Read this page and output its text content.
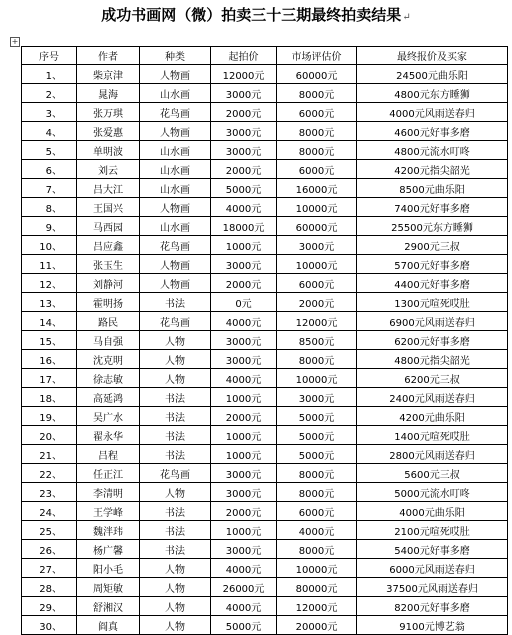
成功书画网（微）拍卖三十三期最终拍卖结果↵
+
序号	作者	种类	起拍价	市场评估价	最终报价及买家
1、	柴京津	人物画	12000元	60000元	24500元曲乐阳
2、	晁海	山水画	3000元	8000元	4800元东方睡狮
3、	张万琪	花鸟画	2000元	6000元	4000元风雨送春归
4、	张爱惠	人物画	3000元	8000元	4600元好事多磨
5、	单明波	山水画	3000元	8000元	4800元流水叮咚
6、	刘云	山水画	2000元	6000元	4200元指尖韶光
7、	吕大江	山水画	5000元	16000元	8500元曲乐阳
8、	王国兴	人物画	4000元	10000元	7400元好事多磨
9、	马西园	山水画	18000元	60000元	25500元东方睡狮
10、	吕应鑫	花鸟画	1000元	3000元	2900元三叔
11、	张玉生	人物画	3000元	10000元	5700元好事多磨
12、	刘静河	人物画	2000元	6000元	4400元好事多磨
13、	霍明扬	书法	0元	2000元	1300元喧死哎肚
14、	路民	花鸟画	4000元	12000元	6900元风雨送春归
15、	马自强	人物	3000元	8500元	6200元好事多磨
16、	沈克明	人物	3000元	8000元	4800元指尖韶光
17、	徐志敏	人物	4000元	10000元	6200元三叔
18、	高延鸿	书法	1000元	3000元	2400元风雨送春归
19、	吴广水	书法	2000元	5000元	4200元曲乐阳
20、	翟永华	书法	1000元	5000元	1400元喧死哎肚
21、	吕程	书法	1000元	5000元	2800元风雨送春归
22、	任正江	花鸟画	3000元	8000元	5600元三叔
23、	李清明	人物	3000元	8000元	5000元流水叮咚
24、	王学峰	书法	2000元	6000元	4000元曲乐阳
25、	魏泮玮	书法	1000元	4000元	2100元喧死哎肚
26、	杨广馨	书法	3000元	8000元	5400元好事多磨
27、	阳小毛	人物	4000元	10000元	6000元风雨送春归
28、	周矩敏	人物	26000元	80000元	37500元风雨送春归
29、	舒湘汉	人物	4000元	12000元	8200元好事多磨
30、	阎真	人物	5000元	20000元	9100元博艺翁
